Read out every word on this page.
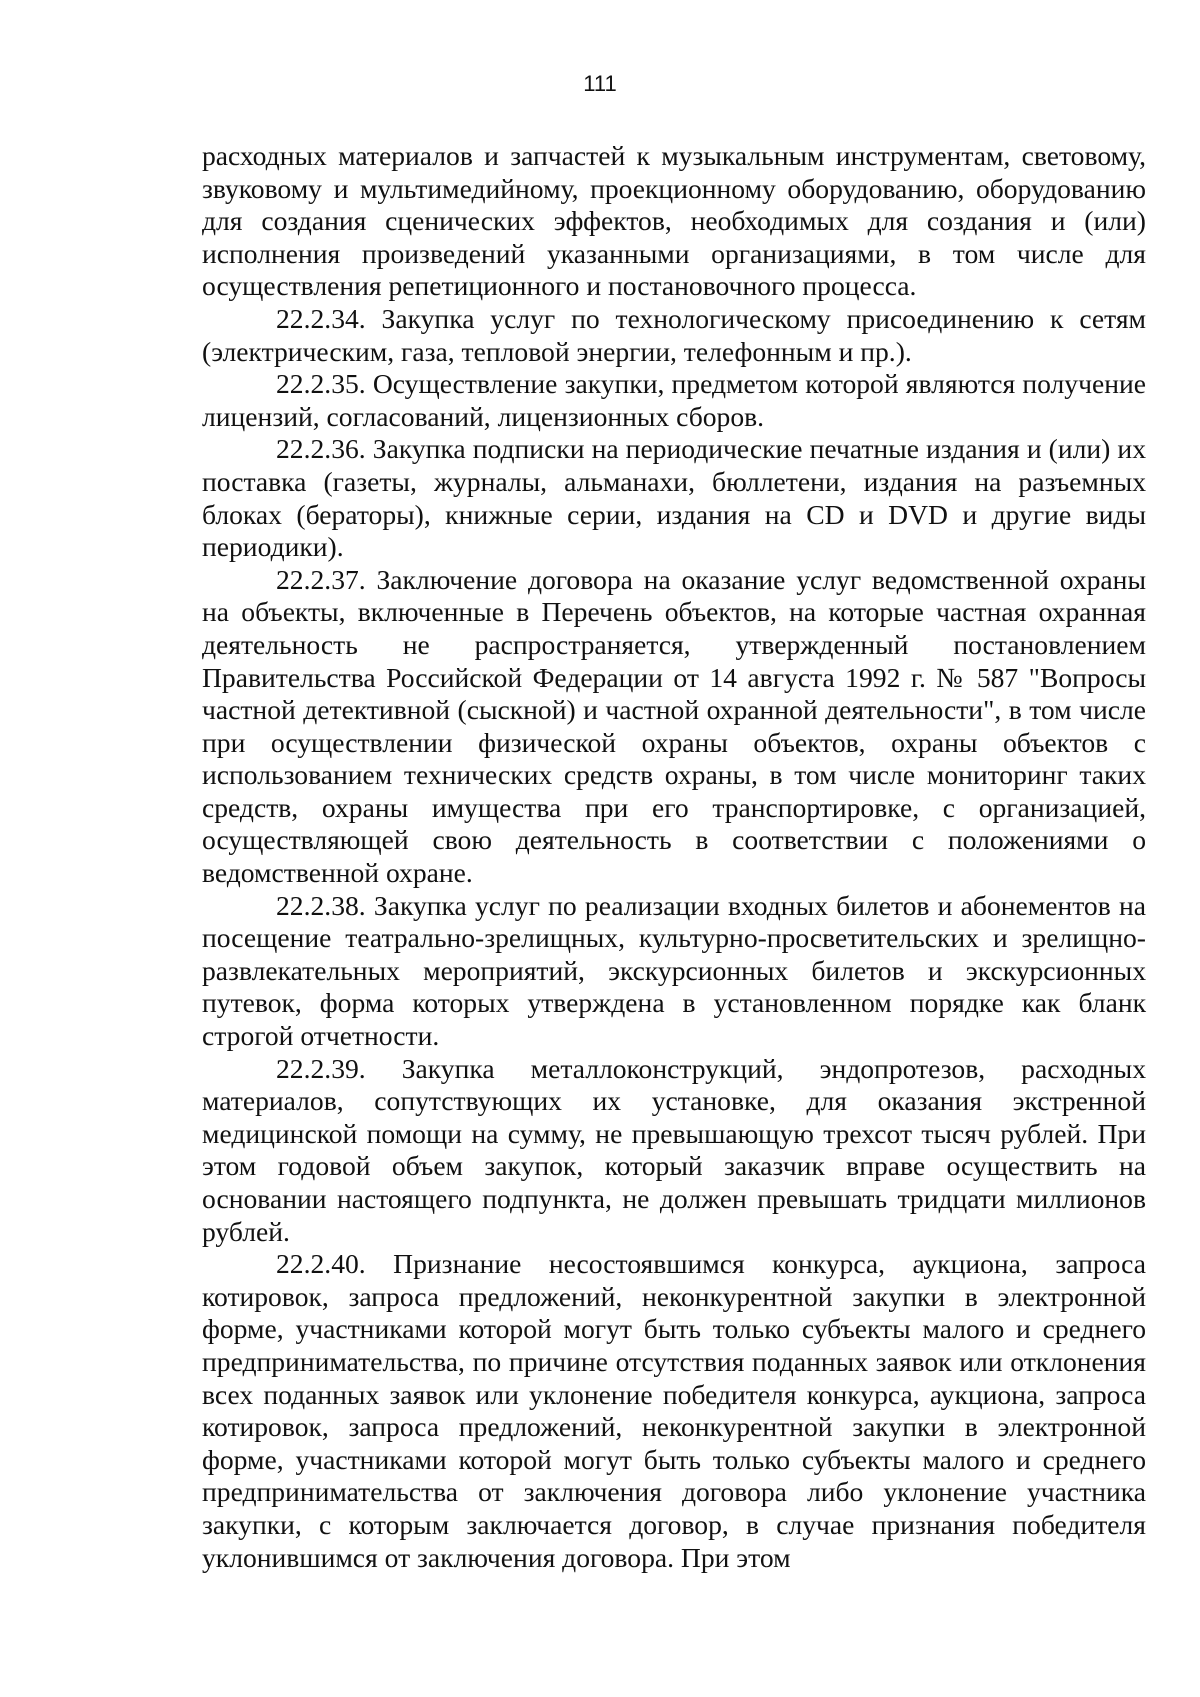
111

расходных материалов и запчастей к музыкальным инструментам, световому, звуковому и мультимедийному, проекционному оборудованию, оборудованию для создания сценических эффектов, необходимых для создания и (или) исполнения произведений указанными организациями, в том числе для осуществления репетиционного и постановочного процесса.

22.2.34. Закупка услуг по технологическому присоединению к сетям (электрическим, газа, тепловой энергии, телефонным и пр.).

22.2.35. Осуществление закупки, предметом которой являются получение лицензий, согласований, лицензионных сборов.

22.2.36. Закупка подписки на периодические печатные издания и (или) их поставка (газеты, журналы, альманахи, бюллетени, издания на разъемных блоках (бераторы), книжные серии, издания на CD и DVD и другие виды периодики).

22.2.37. Заключение договора на оказание услуг ведомственной охраны на объекты, включенные в Перечень объектов, на которые частная охранная деятельность не распространяется, утвержденный постановлением Правительства Российской Федерации от 14 августа 1992 г. № 587 "Вопросы частной детективной (сыскной) и частной охранной деятельности", в том числе при осуществлении физической охраны объектов, охраны объектов с использованием технических средств охраны, в том числе мониторинг таких средств, охраны имущества при его транспортировке, с организацией, осуществляющей свою деятельность в соответствии с положениями о ведомственной охране.

22.2.38. Закупка услуг по реализации входных билетов и абонементов на посещение театрально-зрелищных, культурно-просветительских и зрелищно-развлекательных мероприятий, экскурсионных билетов и экскурсионных путевок, форма которых утверждена в установленном порядке как бланк строгой отчетности.

22.2.39. Закупка металлоконструкций, эндопротезов, расходных материалов, сопутствующих их установке, для оказания экстренной медицинской помощи на сумму, не превышающую трехсот тысяч рублей. При этом годовой объем закупок, который заказчик вправе осуществить на основании настоящего подпункта, не должен превышать тридцати миллионов рублей.

22.2.40. Признание несостоявшимся конкурса, аукциона, запроса котировок, запроса предложений, неконкурентной закупки в электронной форме, участниками которой могут быть только субъекты малого и среднего предпринимательства, по причине отсутствия поданных заявок или отклонения всех поданных заявок или уклонение победителя конкурса, аукциона, запроса котировок, запроса предложений, неконкурентной закупки в электронной форме, участниками которой могут быть только субъекты малого и среднего предпринимательства от заключения договора либо уклонение участника закупки, с которым заключается договор, в случае признания победителя уклонившимся от заключения договора. При этом
